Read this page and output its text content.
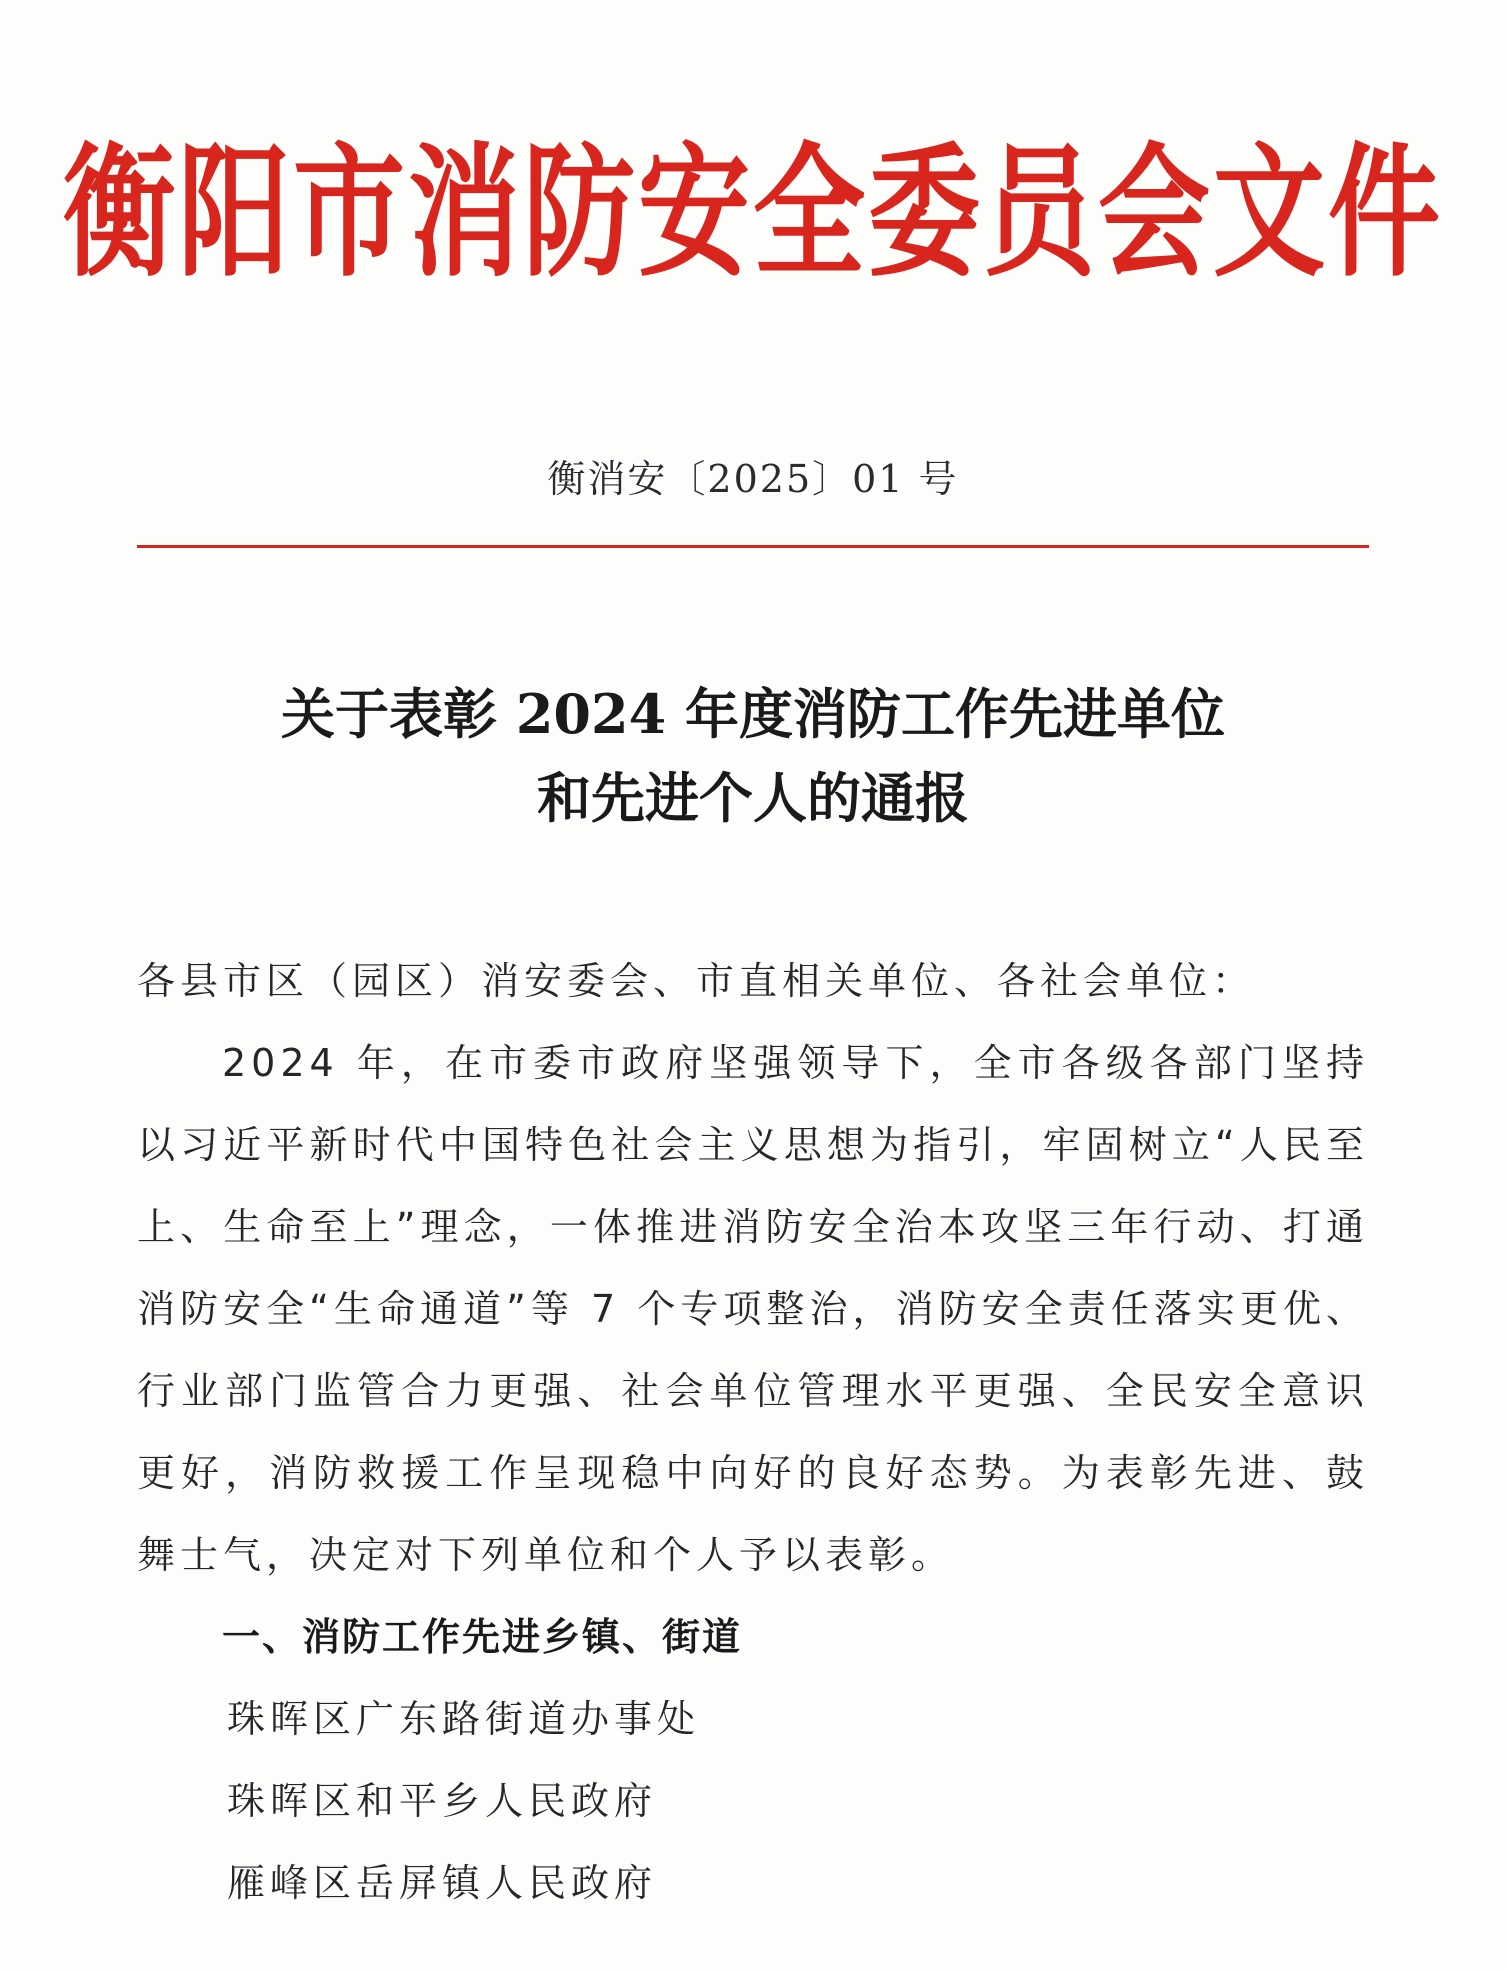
衡阳市消防安全委员会文件
衡消安〔2025〕01 号
关于表彰 2024 年度消防工作先进单位
和先进个人的通报

各县市区（园区）消安委会、市直相关单位、各社会单位：

2024 年，在市委市政府坚强领导下，全市各级各部门坚持以习近平新时代中国特色社会主义思想为指引，牢固树立“人民至上、生命至上”理念，一体推进消防安全治本攻坚三年行动、打通消防安全“生命通道”等 7 个专项整治，消防安全责任落实更优、行业部门监管合力更强、社会单位管理水平更强、全民安全意识更好，消防救援工作呈现稳中向好的良好态势。为表彰先进、鼓舞士气，决定对下列单位和个人予以表彰。

一、消防工作先进乡镇、街道

珠晖区广东路街道办事处
珠晖区和平乡人民政府
雁峰区岳屏镇人民政府
